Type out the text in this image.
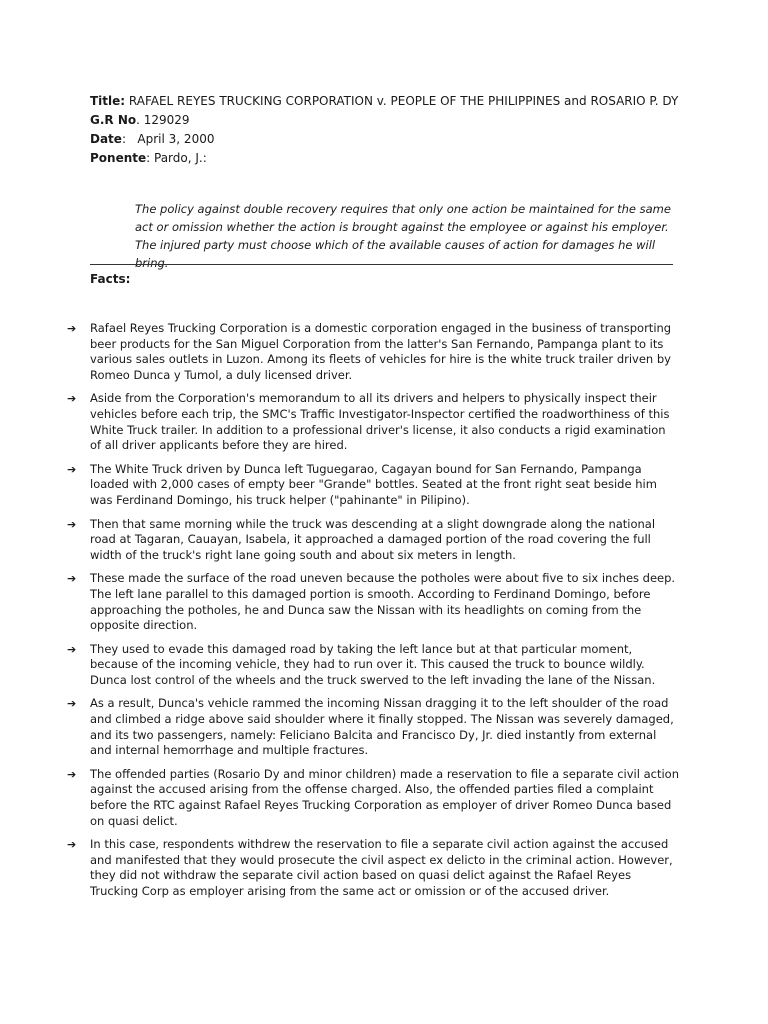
Title: RAFAEL REYES TRUCKING CORPORATION v. PEOPLE OF THE PHILIPPINES and ROSARIO P. DY
G.R No. 129029
Date:   April 3, 2000
Ponente: Pardo, J.:
The policy against double recovery requires that only one action be maintained for the same act or omission whether the action is brought against the employee or against his employer. The injured party must choose which of the available causes of action for damages he will bring.
Facts:
➔ Rafael Reyes Trucking Corporation is a domestic corporation engaged in the business of transporting beer products for the San Miguel Corporation from the latter's San Fernando, Pampanga plant to its various sales outlets in Luzon. Among its fleets of vehicles for hire is the white truck trailer driven by Romeo Dunca y Tumol, a duly licensed driver.
➔ Aside from the Corporation's memorandum to all its drivers and helpers to physically inspect their vehicles before each trip, the SMC's Traffic Investigator-Inspector certified the roadworthiness of this White Truck trailer. In addition to a professional driver's license, it also conducts a rigid examination of all driver applicants before they are hired.
➔ The White Truck driven by Dunca left Tuguegarao, Cagayan bound for San Fernando, Pampanga loaded with 2,000 cases of empty beer "Grande" bottles. Seated at the front right seat beside him was Ferdinand Domingo, his truck helper ("pahinante" in Pilipino).
➔ Then that same morning while the truck was descending at a slight downgrade along the national road at Tagaran, Cauayan, Isabela, it approached a damaged portion of the road covering the full width of the truck's right lane going south and about six meters in length.
➔ These made the surface of the road uneven because the potholes were about five to six inches deep. The left lane parallel to this damaged portion is smooth. According to Ferdinand Domingo, before approaching the potholes, he and Dunca saw the Nissan with its headlights on coming from the opposite direction.
➔ They used to evade this damaged road by taking the left lance but at that particular moment, because of the incoming vehicle, they had to run over it. This caused the truck to bounce wildly. Dunca lost control of the wheels and the truck swerved to the left invading the lane of the Nissan.
➔ As a result, Dunca's vehicle rammed the incoming Nissan dragging it to the left shoulder of the road and climbed a ridge above said shoulder where it finally stopped. The Nissan was severely damaged, and its two passengers, namely: Feliciano Balcita and Francisco Dy, Jr. died instantly from external and internal hemorrhage and multiple fractures.
➔ The offended parties (Rosario Dy and minor children) made a reservation to file a separate civil action against the accused arising from the offense charged. Also, the offended parties filed a complaint before the RTC against Rafael Reyes Trucking Corporation as employer of driver Romeo Dunca based on quasi delict.
➔ In this case, respondents withdrew the reservation to file a separate civil action against the accused and manifested that they would prosecute the civil aspect ex delicto in the criminal action. However, they did not withdraw the separate civil action based on quasi delict against the Rafael Reyes Trucking Corp as employer arising from the same act or omission or of the accused driver.
